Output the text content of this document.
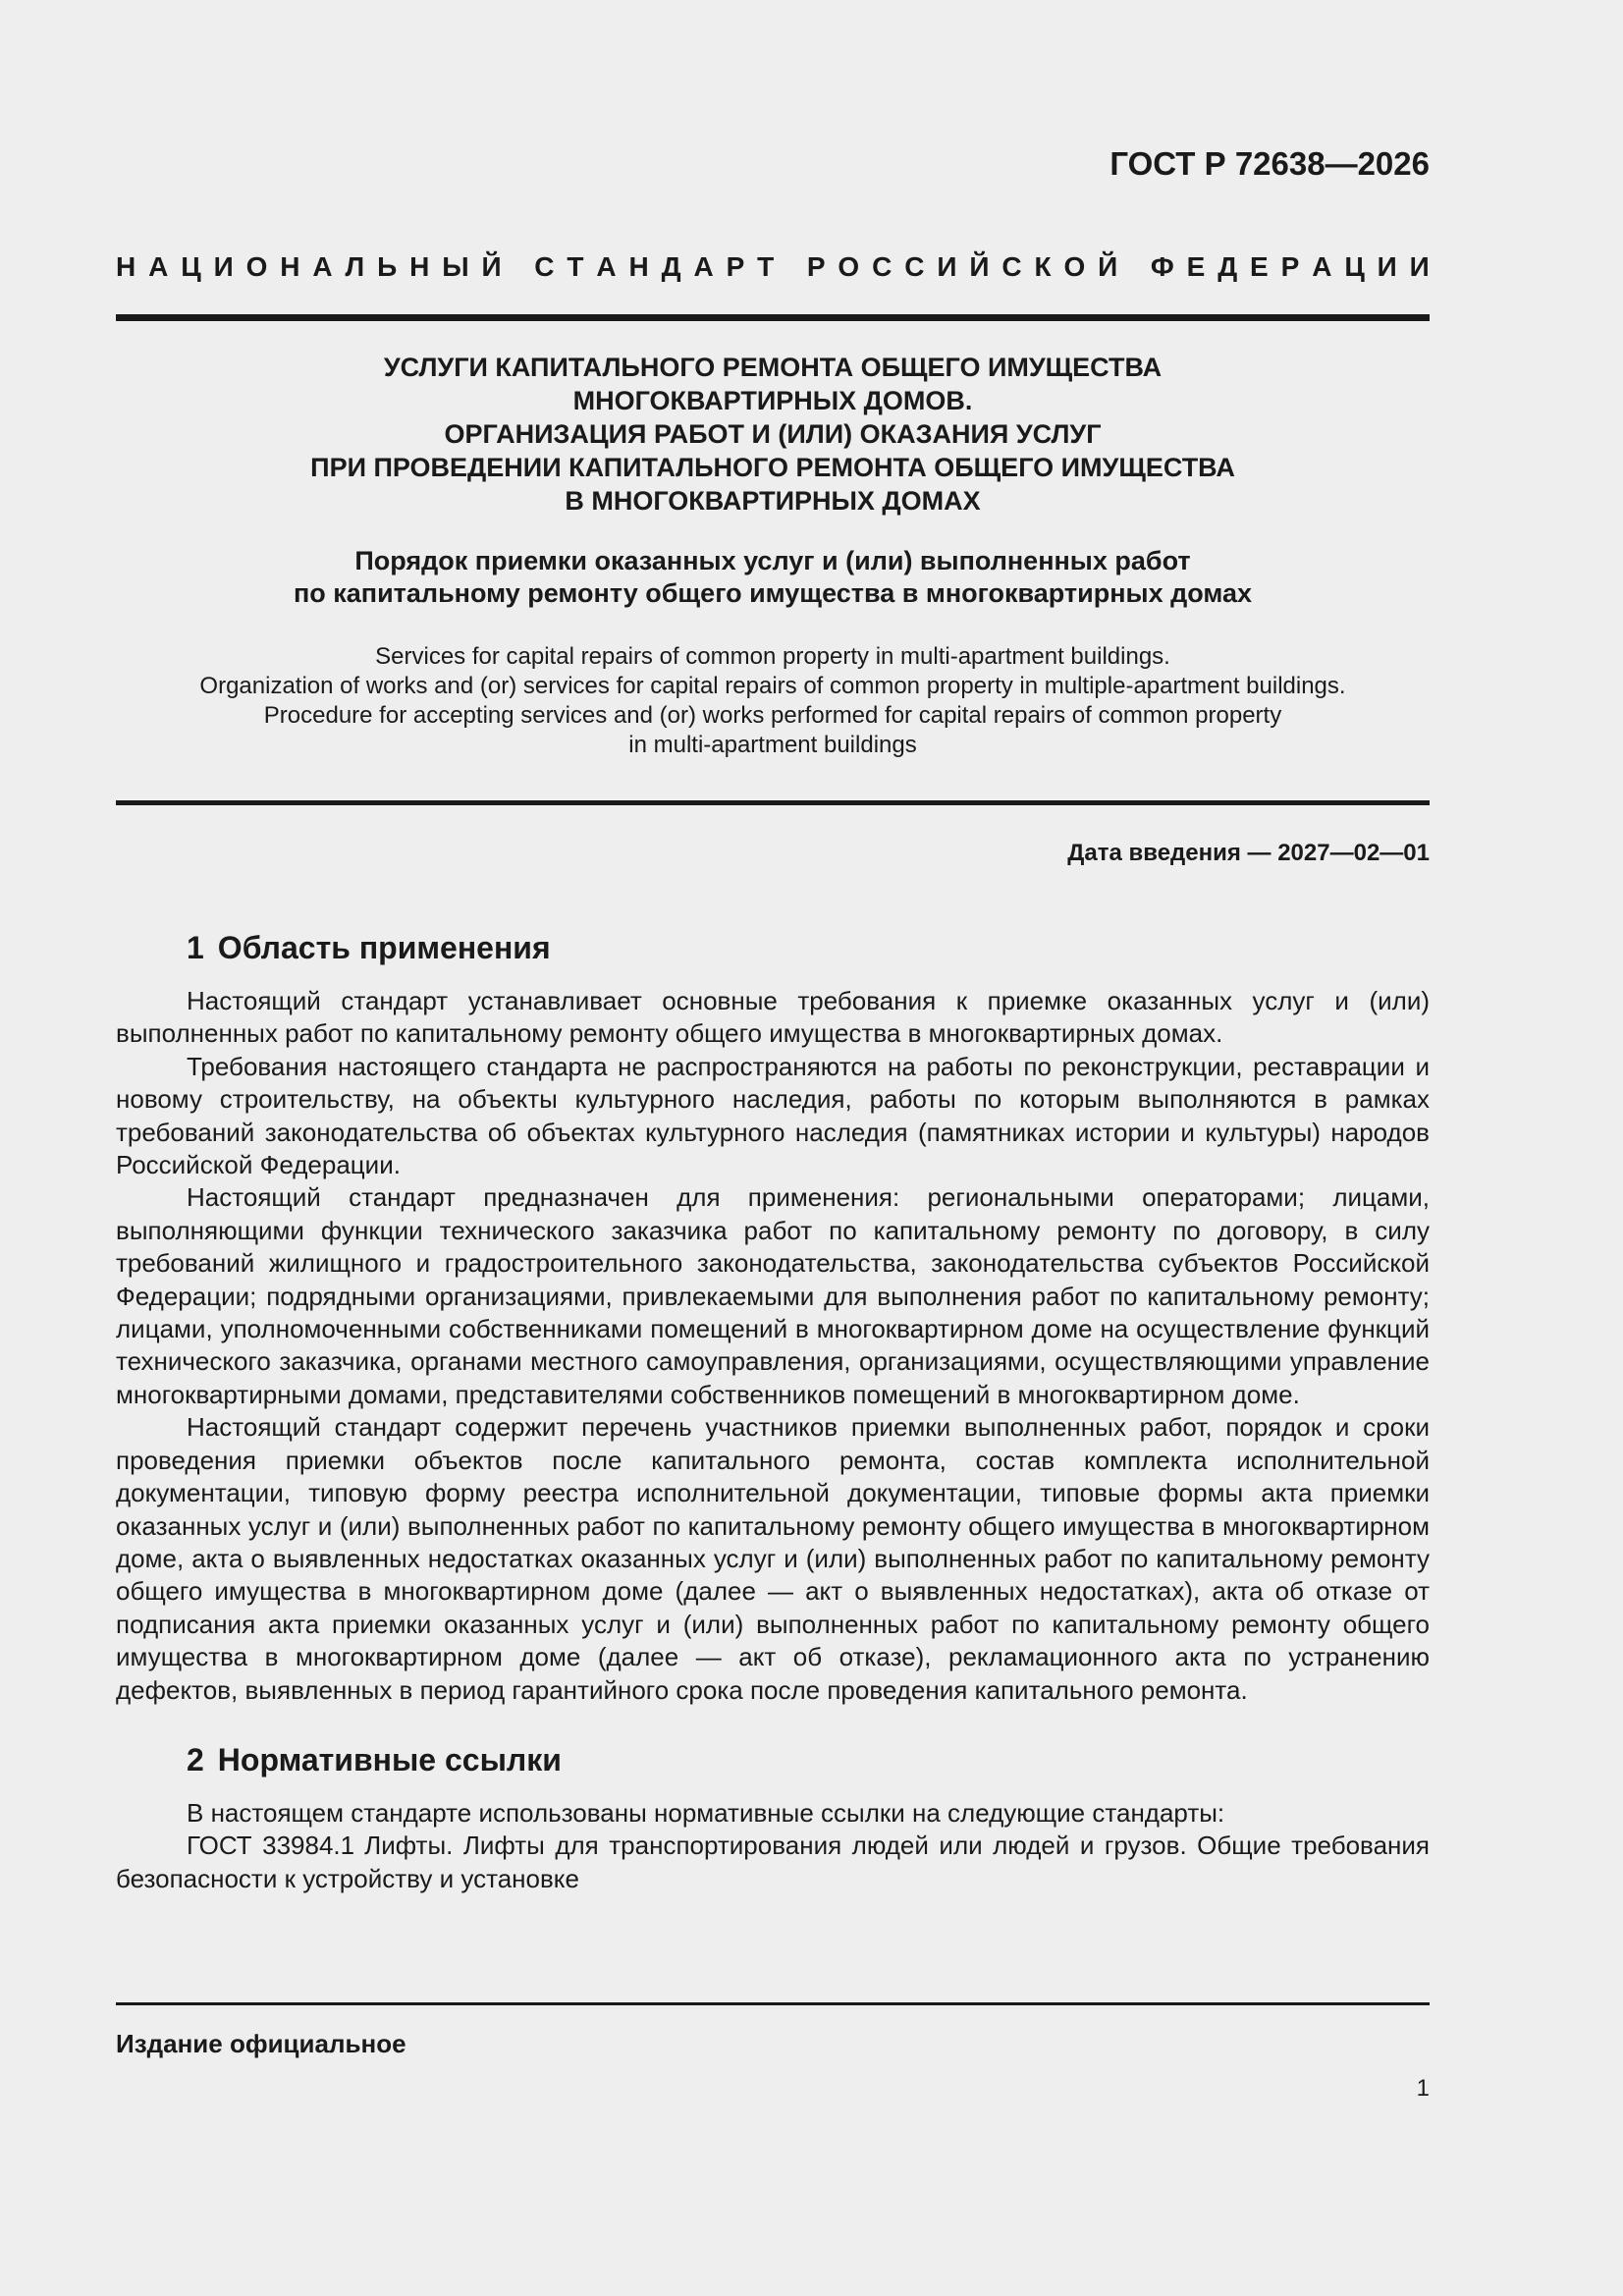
ГОСТ Р 72638—2026
Н А Ц И О Н А Л Ь Н Ы Й
С Т А Н Д А Р Т
Р О С С И Й С К О Й
Ф Е Д Е Р А Ц И И
УСЛУГИ КАПИТАЛЬНОГО РЕМОНТА ОБЩЕГО ИМУЩЕСТВА
МНОГОКВАРТИРНЫХ ДОМОВ.
ОРГАНИЗАЦИЯ РАБОТ И (ИЛИ) ОКАЗАНИЯ УСЛУГ
ПРИ ПРОВЕДЕНИИ КАПИТАЛЬНОГО РЕМОНТА ОБЩЕГО ИМУЩЕСТВА
В МНОГОКВАРТИРНЫХ ДОМАХ
Порядок приемки оказанных услуг и (или) выполненных работ
по капитальному ремонту общего имущества в многоквартирных домах
Services for capital repairs of common property in multi-apartment buildings.
Organization of works and (or) services for capital repairs of common property in multiple-apartment buildings.
Procedure for accepting services and (or) works performed for capital repairs of common property
in multi-apartment buildings
Дата введения — 2027—02—01
1 Область применения

Настоящий стандарт устанавливает основные требования к приемке оказанных услуг и (или) выполненных работ по капитальному ремонту общего имущества в многоквартирных домах.

Требования настоящего стандарта не распространяются на работы по реконструкции, реставрации и новому строительству, на объекты культурного наследия, работы по которым выполняются в рамках требований законодательства об объектах культурного наследия (памятниках истории и культуры) народов Российской Федерации.

Настоящий стандарт предназначен для применения: региональными операторами; лицами, выполняющими функции технического заказчика работ по капитальному ремонту по договору, в силу требований жилищного и градостроительного законодательства, законодательства субъектов Российской Федерации; подрядными организациями, привлекаемыми для выполнения работ по капитальному ремонту; лицами, уполномоченными собственниками помещений в многоквартирном доме на осуществление функций технического заказчика, органами местного самоуправления, организациями, осуществляющими управление многоквартирными домами, представителями собственников помещений в многоквартирном доме.

Настоящий стандарт содержит перечень участников приемки выполненных работ, порядок и сроки проведения приемки объектов после капитального ремонта, состав комплекта исполнительной документации, типовую форму реестра исполнительной документации, типовые формы акта приемки оказанных услуг и (или) выполненных работ по капитальному ремонту общего имущества в многоквартирном доме, акта о выявленных недостатках оказанных услуг и (или) выполненных работ по капитальному ремонту общего имущества в многоквартирном доме (далее — акт о выявленных недостатках), акта об отказе от подписания акта приемки оказанных услуг и (или) выполненных работ по капитальному ремонту общего имущества в многоквартирном доме (далее — акт об отказе), рекламационного акта по устранению дефектов, выявленных в период гарантийного срока после проведения капитального ремонта.

2 Нормативные ссылки

В настоящем стандарте использованы нормативные ссылки на следующие стандарты:

ГОСТ 33984.1 Лифты. Лифты для транспортирования людей или людей и грузов. Общие требования безопасности к устройству и установке

Издание официальное
1
